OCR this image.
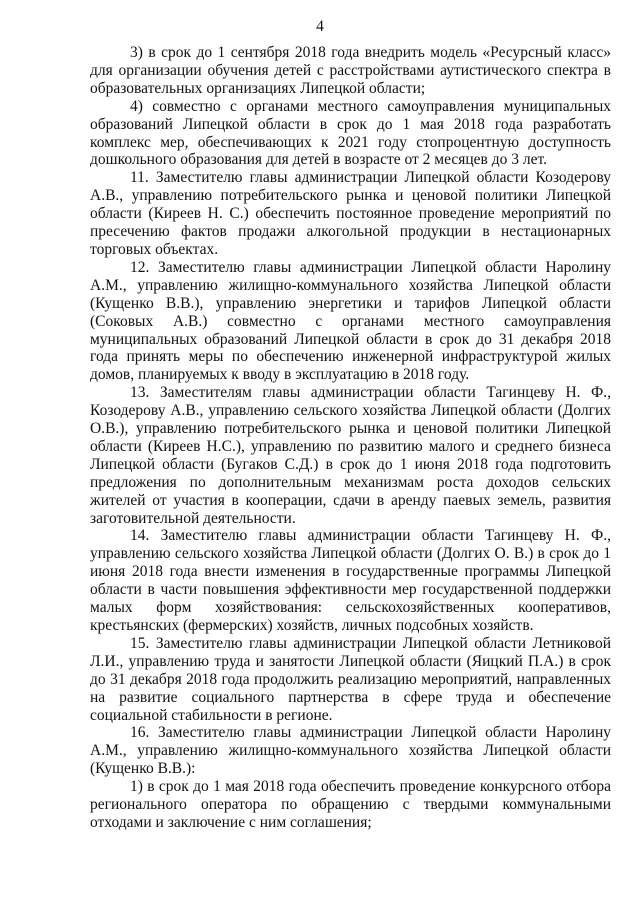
4

3) в срок до 1 сентября 2018 года внедрить модель «Ресурсный класс» для организации обучения детей с расстройствами аутистического спектра в образовательных организациях Липецкой области;

4) совместно с органами местного самоуправления муниципальных образований Липецкой области в срок до 1 мая 2018 года разработать комплекс мер, обеспечивающих к 2021 году стопроцентную доступность дошкольного образования для детей в возрасте от 2 месяцев до 3 лет.

11. Заместителю главы администрации Липецкой области Козодерову А.В., управлению потребительского рынка и ценовой политики Липецкой области (Киреев Н. С.) обеспечить постоянное проведение мероприятий по пресечению фактов продажи алкогольной продукции в нестационарных торговых объектах.

12. Заместителю главы администрации Липецкой области Наролину А.М., управлению жилищно-коммунального хозяйства Липецкой области (Кущенко В.В.), управлению энергетики и тарифов Липецкой области (Соковых А.В.) совместно с органами местного самоуправления муниципальных образований Липецкой области в срок до 31 декабря 2018 года принять меры по обеспечению инженерной инфраструктурой жилых домов, планируемых к вводу в эксплуатацию в 2018 году.

13. Заместителям главы администрации области Тагинцеву Н. Ф., Козодерову А.В., управлению сельского хозяйства Липецкой области (Долгих О.В.), управлению потребительского рынка и ценовой политики Липецкой области (Киреев Н.С.), управлению по развитию малого и среднего бизнеса Липецкой области (Бугаков С.Д.) в срок до 1 июня 2018 года подготовить предложения по дополнительным механизмам роста доходов сельских жителей от участия в кооперации, сдачи в аренду паевых земель, развития заготовительной деятельности.

14. Заместителю главы администрации области Тагинцеву Н. Ф., управлению сельского хозяйства Липецкой области (Долгих О. В.) в срок до 1 июня 2018 года внести изменения в государственные программы Липецкой области в части повышения эффективности мер государственной поддержки малых форм хозяйствования: сельскохозяйственных кооперативов, крестьянских (фермерских) хозяйств, личных подсобных хозяйств.

15. Заместителю главы администрации Липецкой области Летниковой Л.И., управлению труда и занятости Липецкой области (Яицкий П.А.) в срок до 31 декабря 2018 года продолжить реализацию мероприятий, направленных на развитие социального партнерства в сфере труда и обеспечение социальной стабильности в регионе.

16. Заместителю главы администрации Липецкой области Наролину А.М., управлению жилищно-коммунального хозяйства Липецкой области (Кущенко В.В.):

1) в срок до 1 мая 2018 года обеспечить проведение конкурсного отбора регионального оператора по обращению с твердыми коммунальными отходами и заключение с ним соглашения;
